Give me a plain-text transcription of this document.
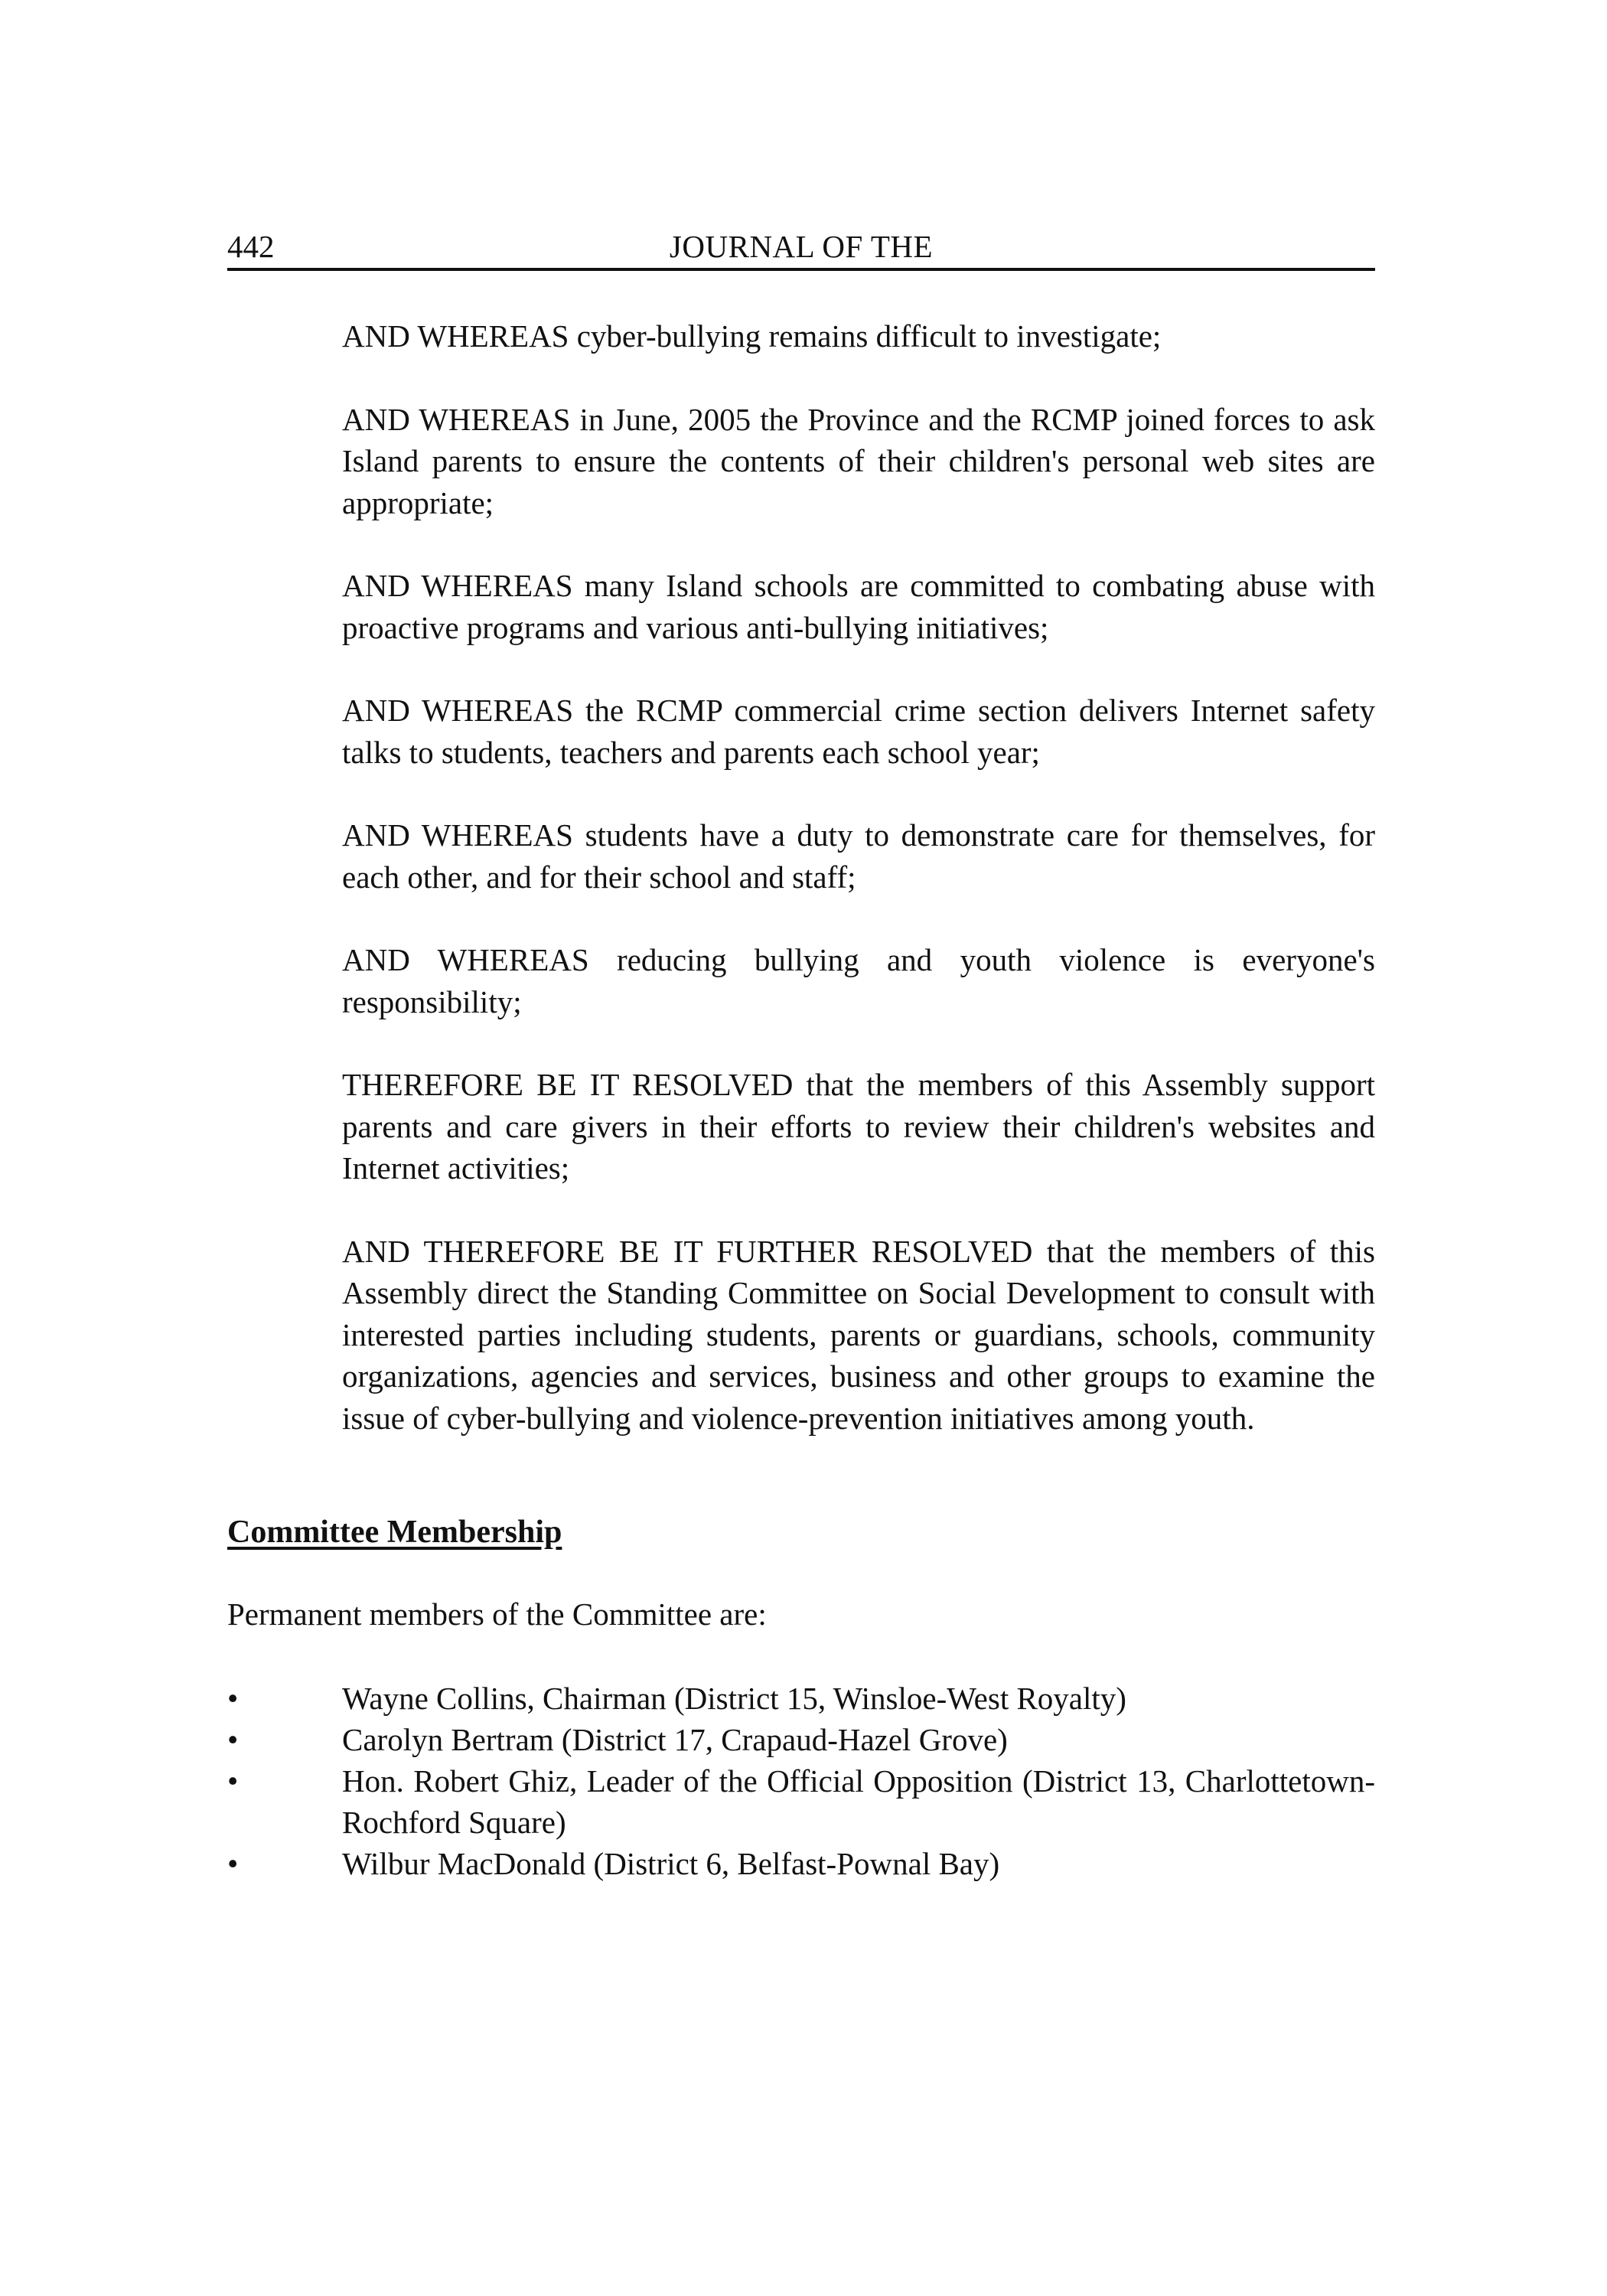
442	JOURNAL OF THE

AND WHEREAS cyber-bullying remains difficult to investigate;

AND WHEREAS in June, 2005 the Province and the RCMP joined forces to ask Island parents to ensure the contents of their children's personal web sites are appropriate;

AND WHEREAS many Island schools are committed to combating abuse with proactive programs and various anti-bullying initiatives;

AND WHEREAS the RCMP commercial crime section delivers Internet safety talks to students, teachers and parents each school year;

AND WHEREAS students have a duty to demonstrate care for themselves, for each other, and for their school and staff;

AND WHEREAS reducing bullying and youth violence is everyone's responsibility;

THEREFORE BE IT RESOLVED that the members of this Assembly support parents and care givers in their efforts to review their children's websites and Internet activities;

AND THEREFORE BE IT FURTHER RESOLVED that the members of this Assembly direct the Standing Committee on Social Development to consult with interested parties including students, parents or guardians, schools, community organizations, agencies and services, business and other groups to examine the issue of cyber-bullying and violence-prevention initiatives among youth.

Committee Membership
Permanent members of the Committee are:
•	Wayne Collins, Chairman (District 15, Winsloe-West Royalty)
•	Carolyn Bertram (District 17, Crapaud-Hazel Grove)
•	Hon. Robert Ghiz, Leader of the Official Opposition (District 13, Charlottetown-Rochford Square)
•	Wilbur MacDonald (District 6, Belfast-Pownal Bay)
